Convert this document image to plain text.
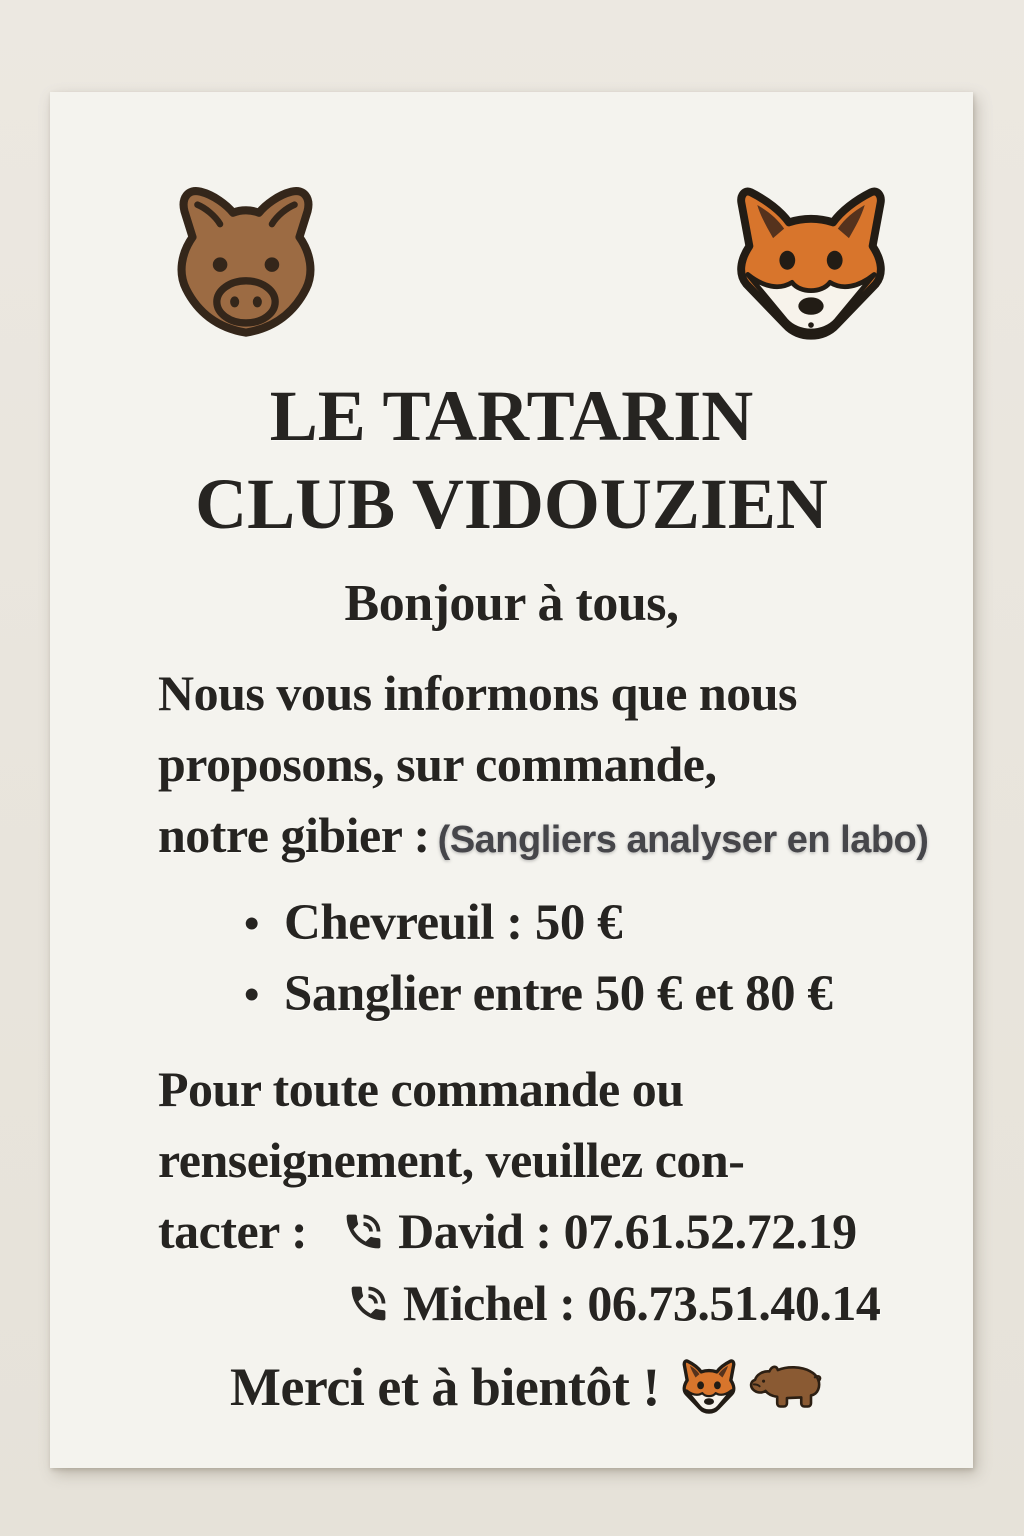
LE TARTARIN
CLUB VIDOUZIEN
Bonjour à tous,
Nous vous informons que nous
proposons, sur commande,
notre gibier : (Sangliers analyser en labo)
• Chevreuil : 50 €
• Sanglier entre 50 € et 80 €
Pour toute commande ou
renseignement, veuillez con-
tacter : David : 07.61.52.72.19
Michel : 06.73.51.40.14
Merci et à bientôt !
